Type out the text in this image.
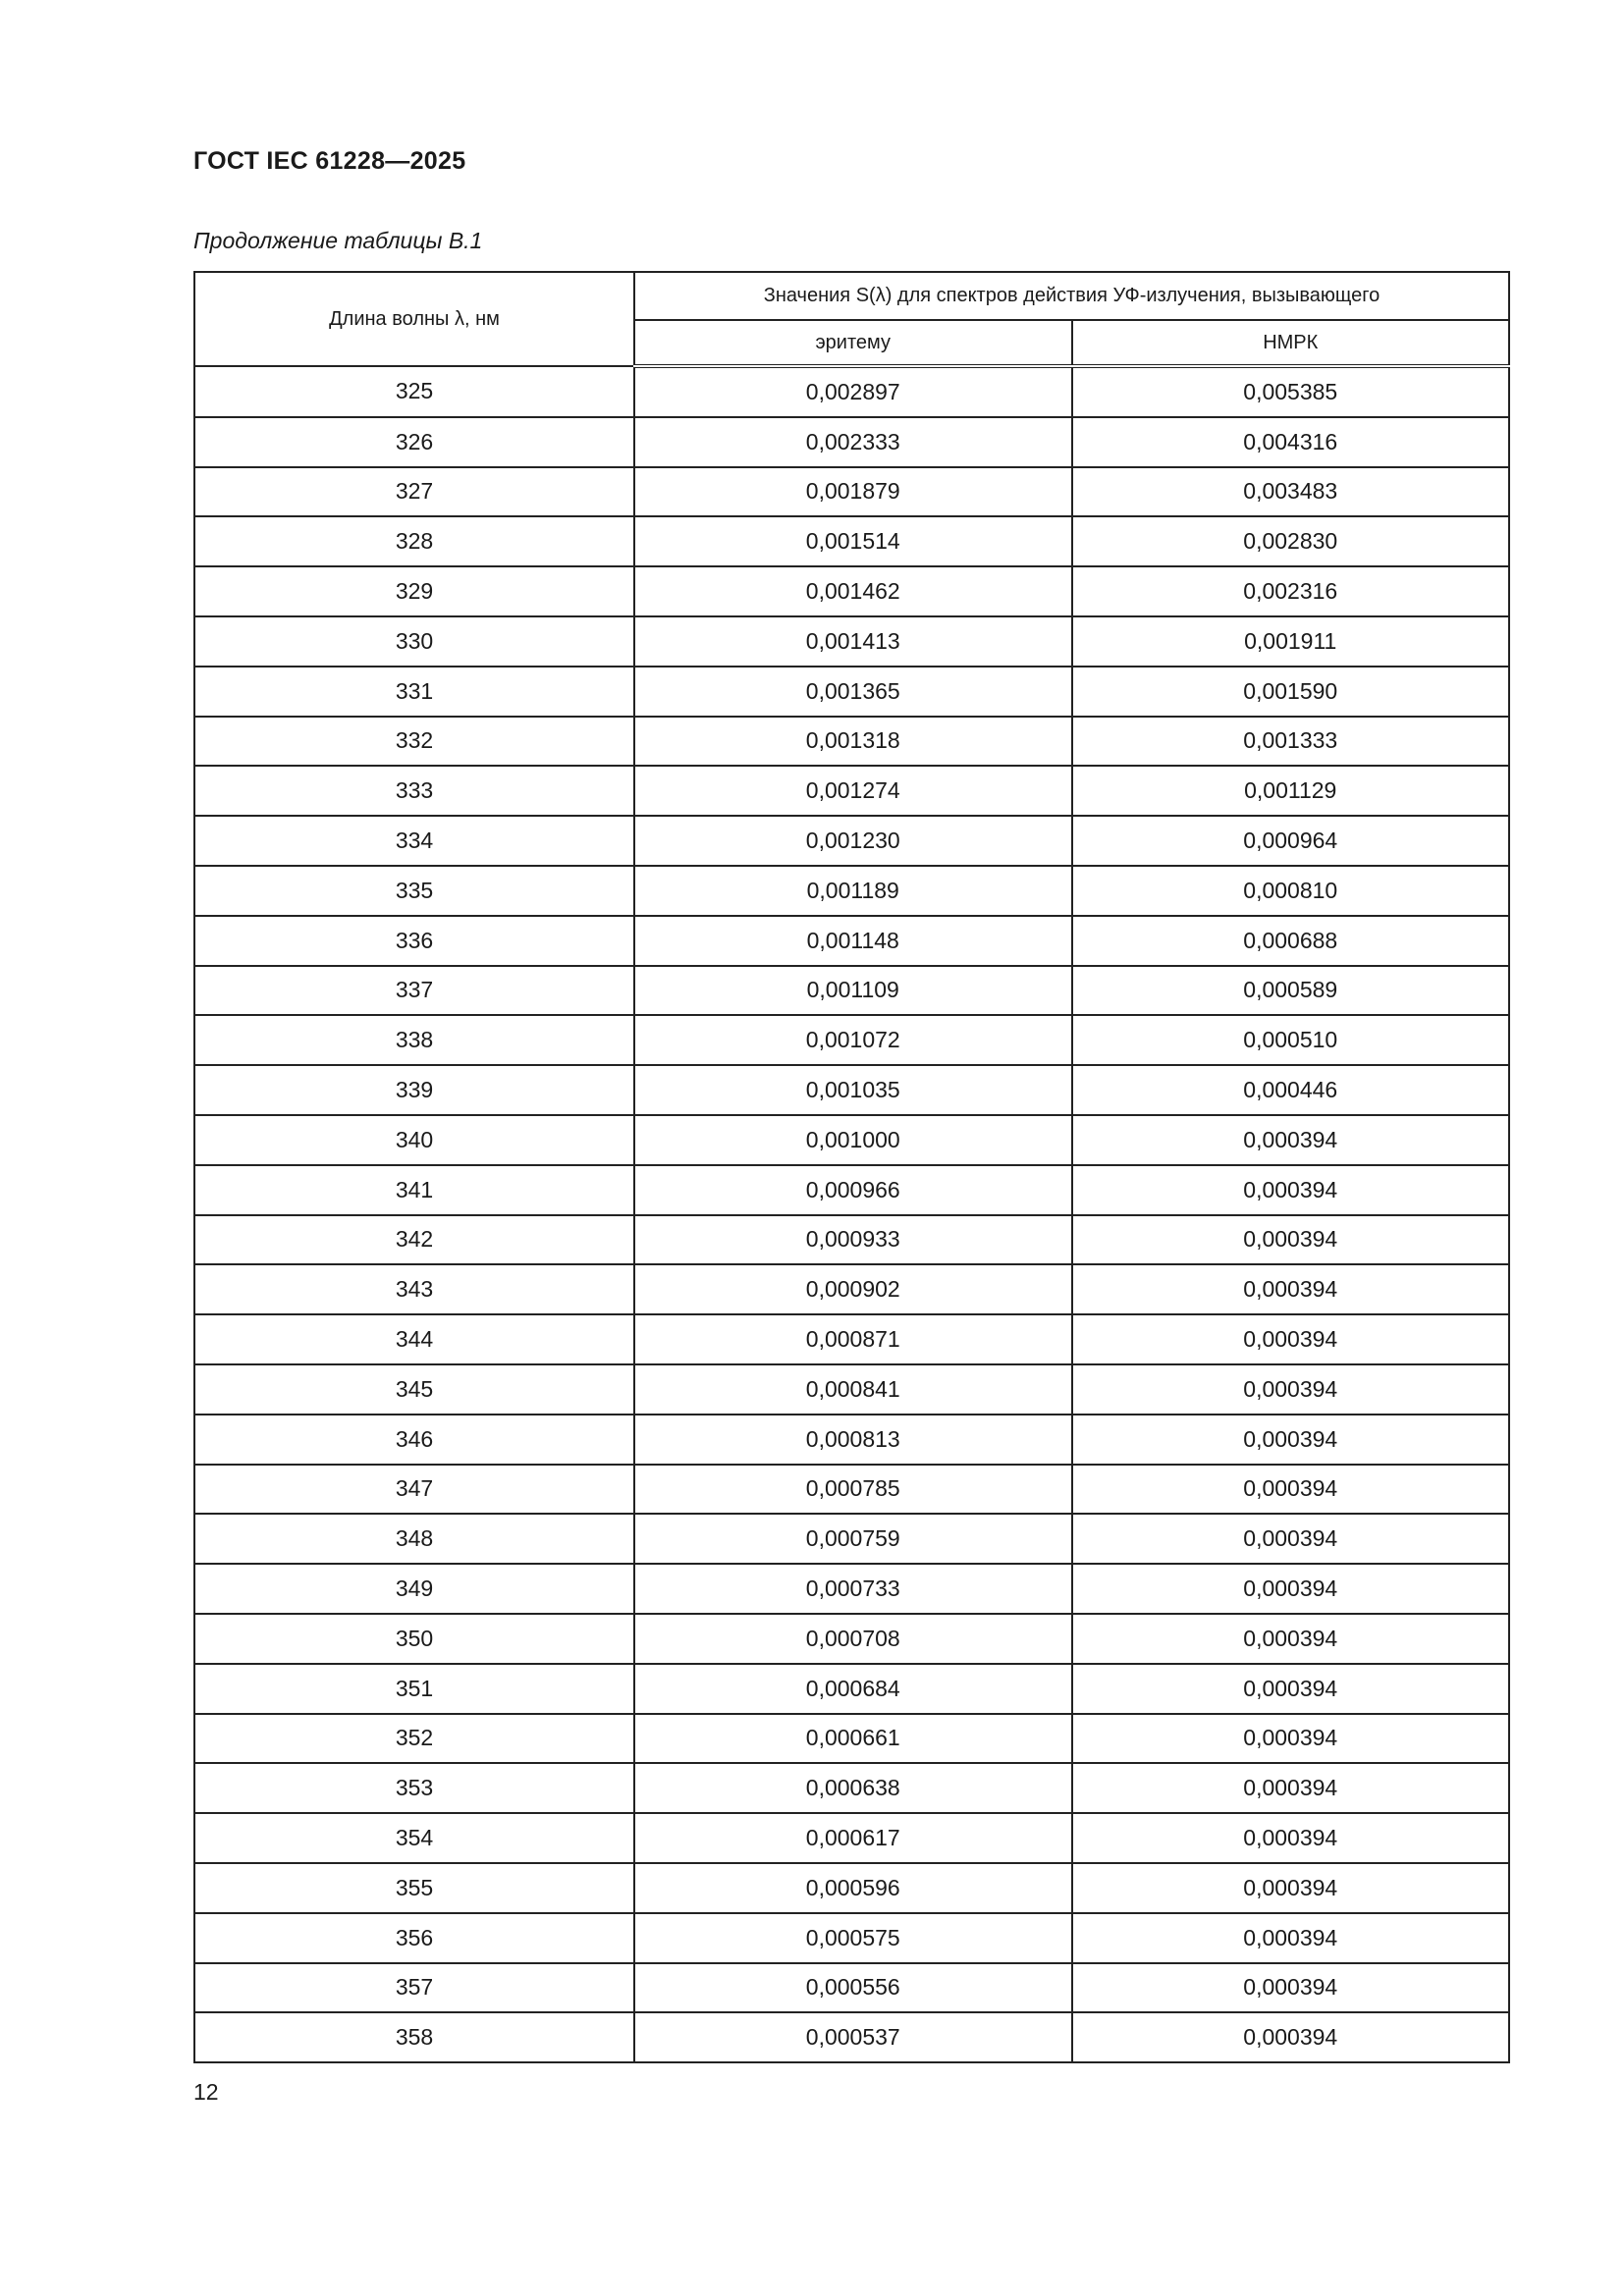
ГОСТ IEC 61228—2025
Продолжение таблицы В.1
Длина волны λ, нм	Значения S(λ) для спектров действия УФ-излучения, вызывающего	
	эритему	НМРК
325	0,002897	0,005385
326	0,002333	0,004316
327	0,001879	0,003483
328	0,001514	0,002830
329	0,001462	0,002316
330	0,001413	0,001911
331	0,001365	0,001590
332	0,001318	0,001333
333	0,001274	0,001129
334	0,001230	0,000964
335	0,001189	0,000810
336	0,001148	0,000688
337	0,001109	0,000589
338	0,001072	0,000510
339	0,001035	0,000446
340	0,001000	0,000394
341	0,000966	0,000394
342	0,000933	0,000394
343	0,000902	0,000394
344	0,000871	0,000394
345	0,000841	0,000394
346	0,000813	0,000394
347	0,000785	0,000394
348	0,000759	0,000394
349	0,000733	0,000394
350	0,000708	0,000394
351	0,000684	0,000394
352	0,000661	0,000394
353	0,000638	0,000394
354	0,000617	0,000394
355	0,000596	0,000394
356	0,000575	0,000394
357	0,000556	0,000394
358	0,000537	0,000394
12
